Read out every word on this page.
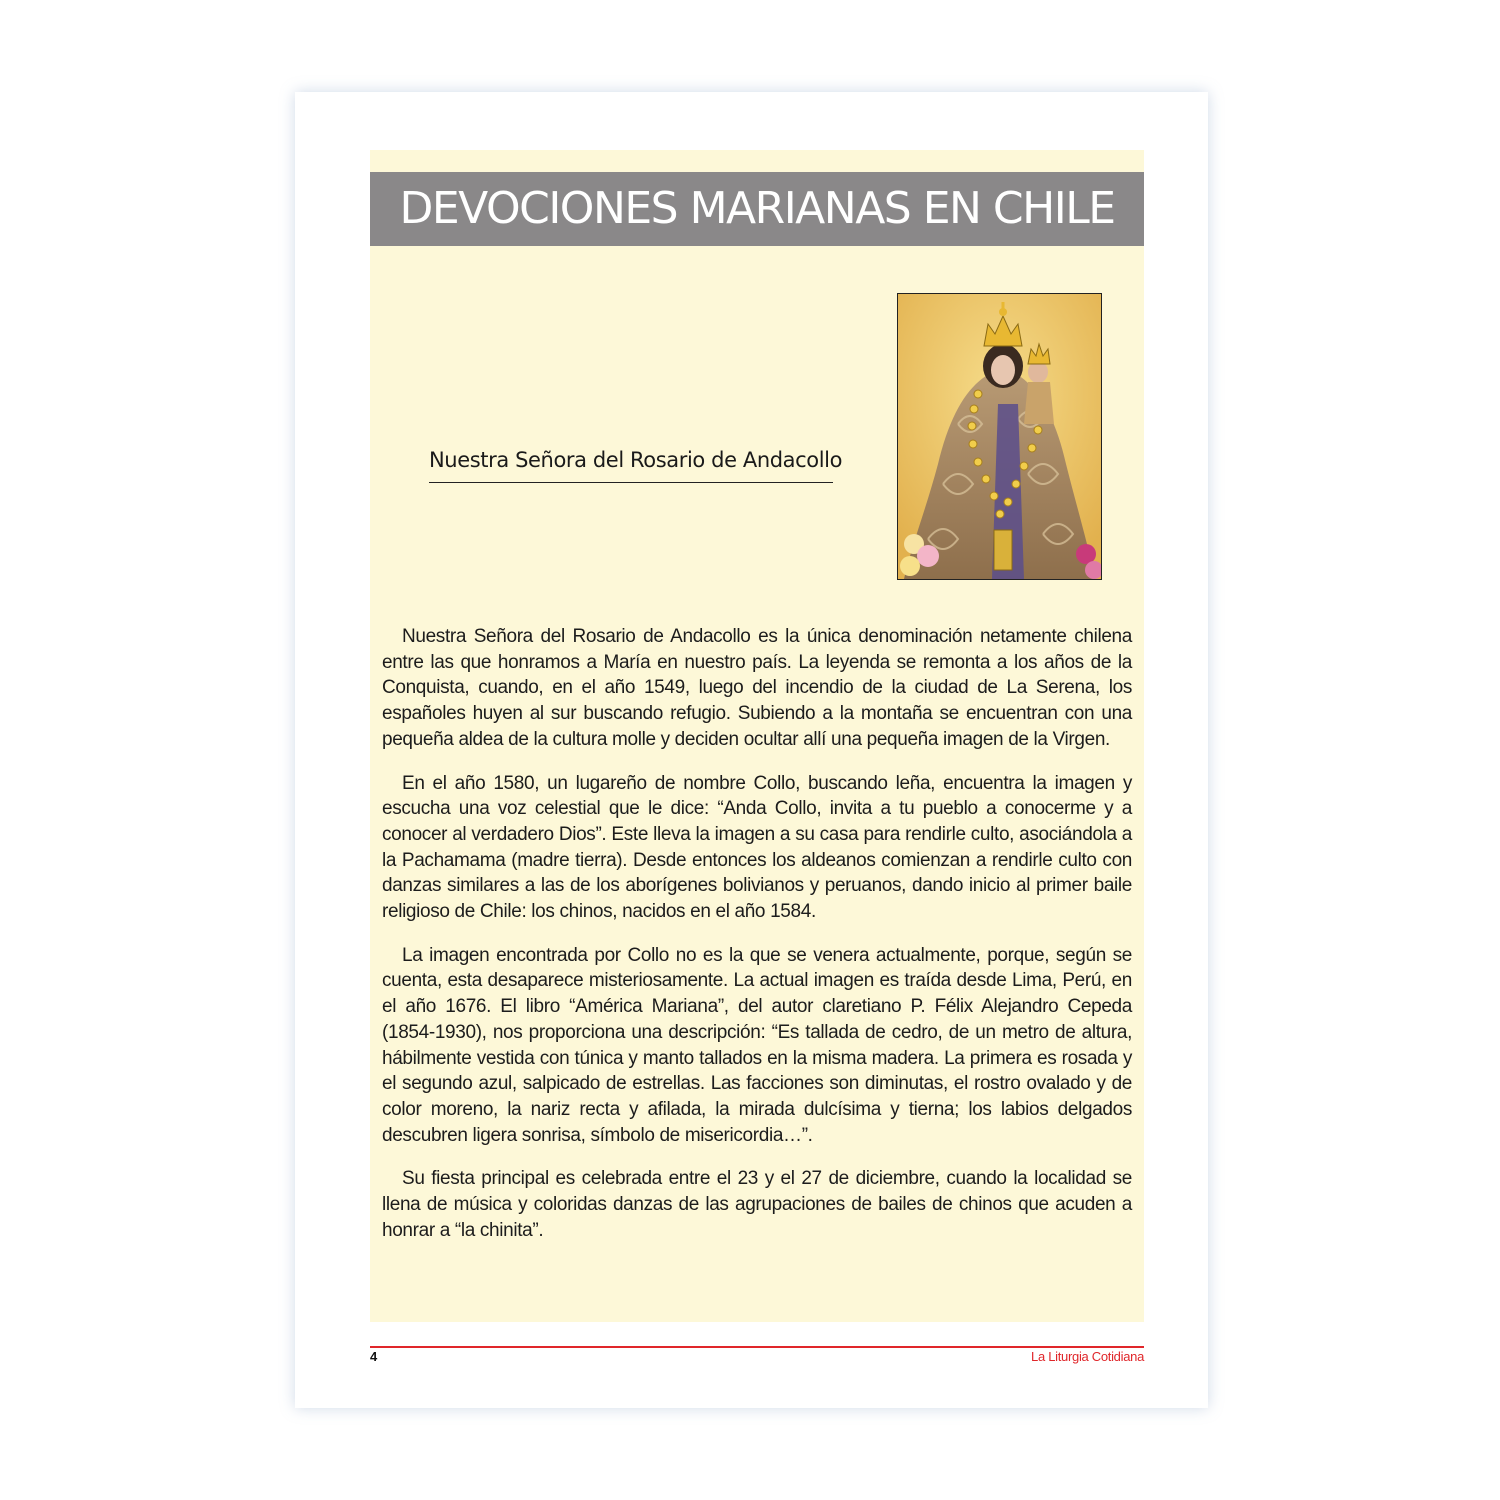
DEVOCIONES MARIANAS EN CHILE
Nuestra Señora del Rosario de Andacollo

Nuestra Señora del Rosario de Andacollo es la única denominación netamente chilena entre las que honramos a María en nuestro país. La leyenda se remonta a los años de la Conquista, cuando, en el año 1549, luego del incendio de la ciudad de La Serena, los españoles huyen al sur buscando refugio. Subiendo a la montaña se encuentran con una pequeña aldea de la cultura molle y deciden ocultar allí una pequeña imagen de la Virgen.

En el año 1580, un lugareño de nombre Collo, buscando leña, encuentra la imagen y escucha una voz celestial que le dice: “Anda Collo, invita a tu pueblo a conocerme y a conocer al verdadero Dios”. Este lleva la imagen a su casa para rendirle culto, asociándola a la Pachamama (madre tierra). Desde entonces los aldeanos comienzan a rendirle culto con danzas similares a las de los aborígenes bolivianos y peruanos, dando inicio al primer baile religioso de Chile: los chinos, nacidos en el año 1584.

La imagen encontrada por Collo no es la que se venera actualmente, porque, según se cuenta, esta desaparece misteriosamente. La actual imagen es traída desde Lima, Perú, en el año 1676. El libro “América Mariana”, del autor claretiano P. Félix Alejandro Cepeda (1854-1930), nos proporciona una descripción: “Es tallada de cedro, de un metro de altura, hábilmente vestida con túnica y manto tallados en la misma madera. La primera es rosada y el segundo azul, salpicado de estrellas. Las facciones son diminutas, el rostro ovalado y de color moreno, la nariz recta y afilada, la mirada dulcísima y tierna; los labios delgados descubren ligera sonrisa, símbolo de misericordia…”.

Su fiesta principal es celebrada entre el 23 y el 27 de diciembre, cuando la localidad se llena de música y coloridas danzas de las agrupaciones de bailes de chinos que acuden a honrar a “la chinita”.

4	La Liturgia Cotidiana
